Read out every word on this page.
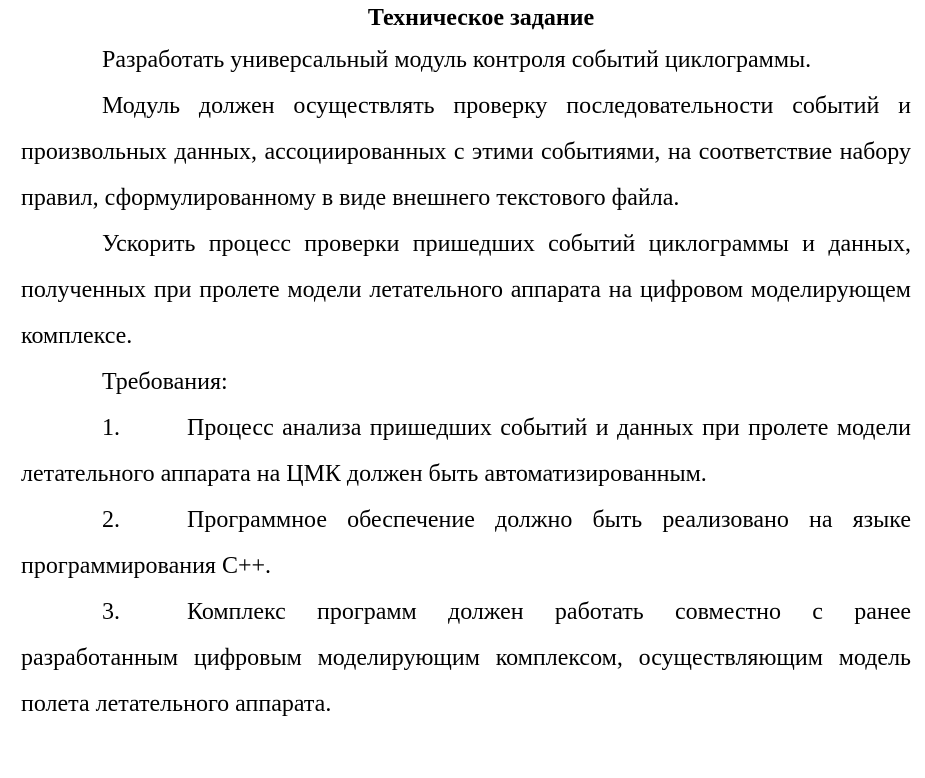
Техническое задание

Разработать универсальный модуль контроля событий циклограммы.

Модуль должен осуществлять проверку последовательности событий и произвольных данных, ассоциированных с этими событиями, на соответствие набору правил, сформулированному в виде внешнего текстового файла.

Ускорить процесс проверки пришедших событий циклограммы и данных, полученных при пролете модели летательного аппарата на цифровом моделирующем комплексе.

Требования:

1.	Процесс анализа пришедших событий и данных при пролете модели летательного аппарата на ЦМК должен быть автоматизированным.

2.	Программное обеспечение должно быть реализовано на языке программирования С++.

3.	Комплекс программ должен работать совместно с ранее разработанным цифровым моделирующим комплексом, осуществляющим модель полета летательного аппарата.
